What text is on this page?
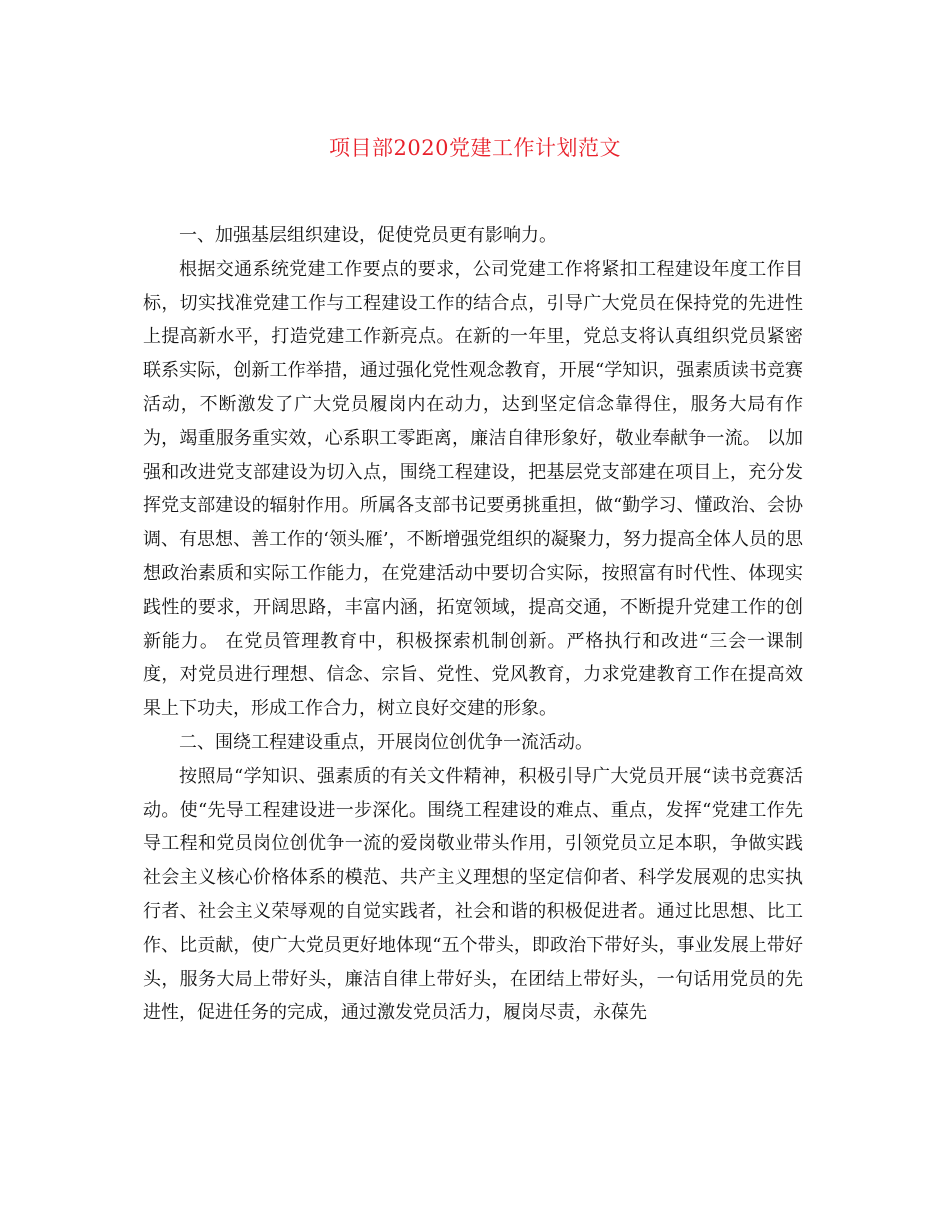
项目部2020党建工作计划范文

一、加强基层组织建设，促使党员更有影响力。

根据交通系统党建工作要点的要求，公司党建工作将紧扣工程建设年度工作目标，切实找准党建工作与工程建设工作的结合点，引导广大党员在保持党的先进性上提高新水平，打造党建工作新亮点。在新的一年里，党总支将认真组织党员紧密联系实际，创新工作举措，通过强化党性观念教育，开展“学知识，强素质读书竞赛活动，不断激发了广大党员履岗内在动力，达到坚定信念靠得住，服务大局有作为，竭重服务重实效，心系职工零距离，廉洁自律形象好，敬业奉献争一流。 以加强和改进党支部建设为切入点，围绕工程建设，把基层党支部建在项目上，充分发挥党支部建设的辐射作用。所属各支部书记要勇挑重担，做“勤学习、懂政治、会协调、有思想、善工作的‘领头雁’，不断增强党组织的凝聚力，努力提高全体人员的思想政治素质和实际工作能力，在党建活动中要切合实际，按照富有时代性、体现实践性的要求，开阔思路，丰富内涵，拓宽领域，提高交通，不断提升党建工作的创新能力。 在党员管理教育中，积极探索机制创新。严格执行和改进“三会一课制度，对党员进行理想、信念、宗旨、党性、党风教育，力求党建教育工作在提高效果上下功夫，形成工作合力，树立良好交建的形象。

二、围绕工程建设重点，开展岗位创优争一流活动。

按照局“学知识、强素质的有关文件精神，积极引导广大党员开展“读书竞赛活动。使“先导工程建设进一步深化。围绕工程建设的难点、重点，发挥“党建工作先导工程和党员岗位创优争一流的爱岗敬业带头作用，引领党员立足本职，争做实践社会主义核心价格体系的模范、共产主义理想的坚定信仰者、科学发展观的忠实执行者、社会主义荣辱观的自觉实践者，社会和谐的积极促进者。通过比思想、比工作、比贡献，使广大党员更好地体现“五个带头，即政治下带好头，事业发展上带好头，服务大局上带好头，廉洁自律上带好头，在团结上带好头，一句话用党员的先进性，促进任务的完成，通过激发党员活力，履岗尽责，永葆先
